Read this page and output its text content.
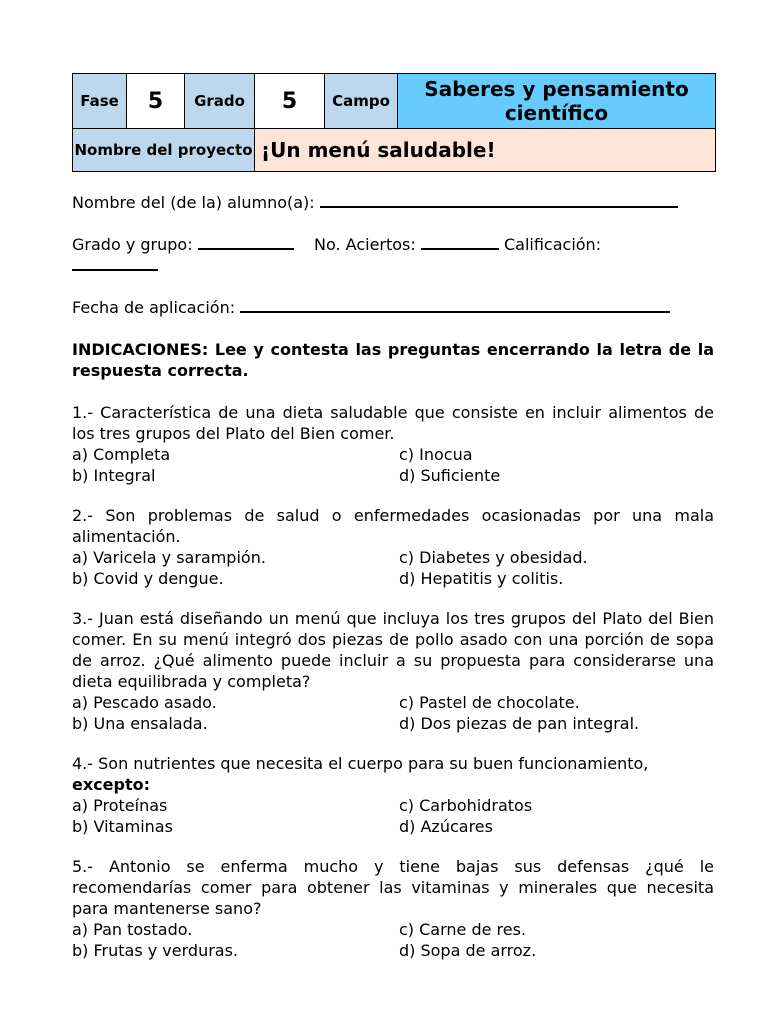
Fase	5	Grado	5	Campo	Saberes y pensamiento científico
Nombre del proyecto			¡Un menú saludable!		

Nombre del (de la) alumno(a):

Grado y grupo:	No. Aciertos:	Calificación:

Fecha de aplicación:

INDICACIONES: Lee y contesta las preguntas encerrando la letra de la respuesta correcta.

1.- Característica de una dieta saludable que consiste en incluir alimentos de los tres grupos del Plato del Bien comer.

a) Completa	c) Inocua
b) Integral	d) Suficiente

2.- Son problemas de salud o enfermedades ocasionadas por una mala alimentación.

a) Varicela y sarampión.	c) Diabetes y obesidad.
b) Covid y dengue.	d) Hepatitis y colitis.

3.- Juan está diseñando un menú que incluya los tres grupos del Plato del Bien comer. En su menú integró dos piezas de pollo asado con una porción de sopa de arroz. ¿Qué alimento puede incluir a su propuesta para considerarse una dieta equilibrada y completa?

a) Pescado asado.	c) Pastel de chocolate.
b) Una ensalada.	d) Dos piezas de pan integral.

4.- Son nutrientes que necesita el cuerpo para su buen funcionamiento,

excepto:

a) Proteínas	c) Carbohidratos
b) Vitaminas	d) Azúcares

5.- Antonio se enferma mucho y tiene bajas sus defensas ¿qué le recomendarías comer para obtener las vitaminas y minerales que necesita para mantenerse sano?

a) Pan tostado.	c) Carne de res.
b) Frutas y verduras.	d) Sopa de arroz.
